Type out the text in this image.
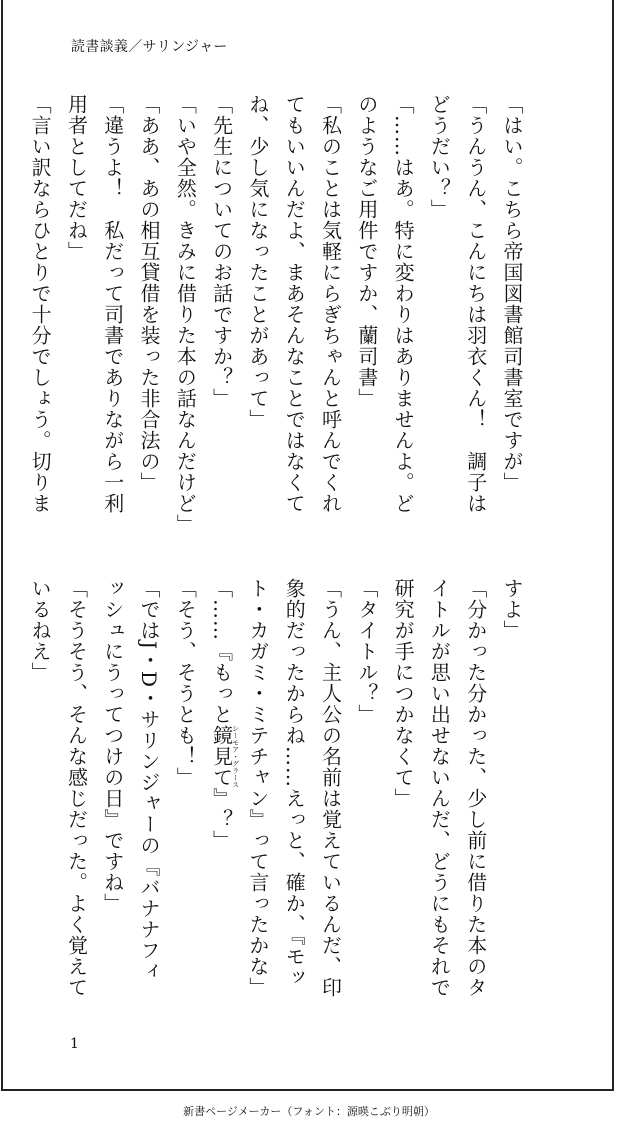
読書談義／サリンジャー
「はい。こちら帝国図書館司書室ですが」
「うんうん、こんにちは羽衣くん！　調子は
どうだい？」
「……はあ。特に変わりはありませんよ。ど
のようなご用件ですか、蘭司書」
「私のことは気軽にらぎちゃんと呼んでくれ
てもいいんだよ、まあそんなことではなくて
ね、少し気になったことがあって」
「先生についてのお話ですか？」
「いや全然。きみに借りた本の話なんだけど」
「ああ、あの相互貸借を装った非合法の」
「違うよ！　私だって司書でありながら一利
用者としてだね」
「言い訳ならひとりで十分でしょう。切りま
すよ」
「分かった分かった、少し前に借りた本のタ
イトルが思い出せないんだ、どうにもそれで
研究が手につかなくて」
「タイトル？」
「うん、主人公の名前は覚えているんだ、印
象的だったからね……えっと、確か、『モッ
ト・カガミ・ミテチャン』って言ったかな」
「……『もっと鏡見てシーモア・グラース』？」
「そう、そうとも！」
「ではJ・D・サリンジャーの『バナナフィ
ッシュにうってつけの日』ですね」
「そうそう、そんな感じだった。よく覚えて
いるねえ」
1
新書ページメーカー（フォント：源暎こぶり明朝）
